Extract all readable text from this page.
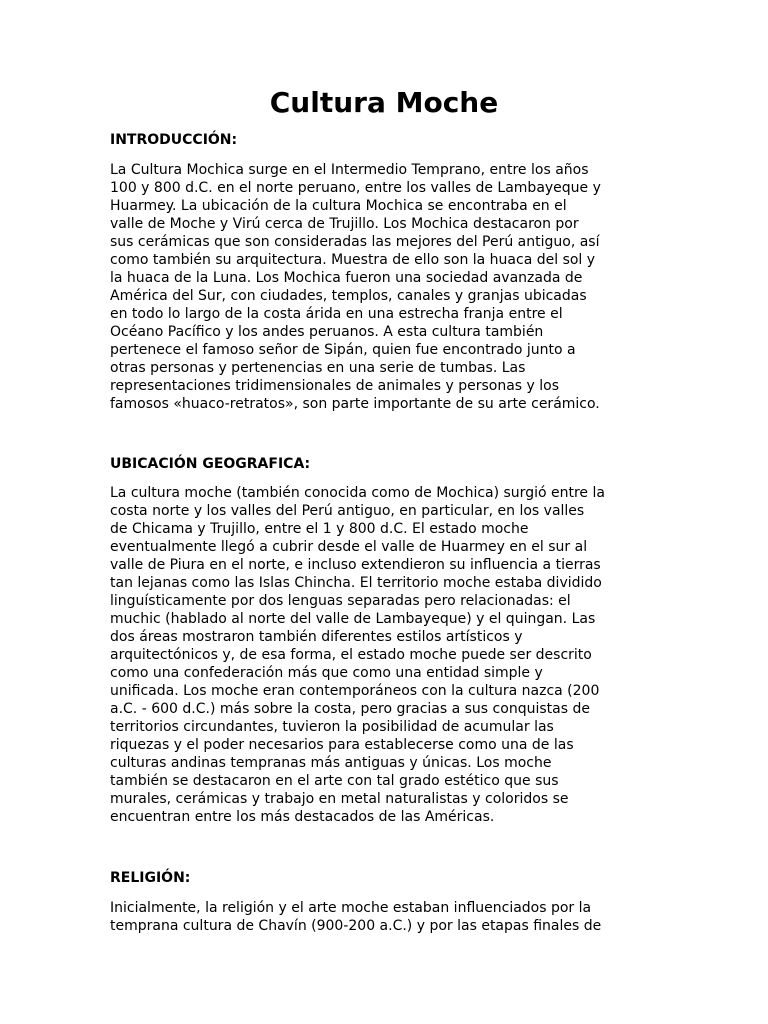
Cultura Moche
INTRODUCCIÓN:
La Cultura Mochica surge en el Intermedio Temprano, entre los años
100 y 800 d.C. en el norte peruano, entre los valles de Lambayeque y
Huarmey. La ubicación de la cultura Mochica se encontraba en el
valle de Moche y Virú cerca de Trujillo. Los Mochica destacaron por
sus cerámicas que son consideradas las mejores del Perú antiguo, así
como también su arquitectura. Muestra de ello son la huaca del sol y
la huaca de la Luna. Los Mochica fueron una sociedad avanzada de
América del Sur, con ciudades, templos, canales y granjas ubicadas
en todo lo largo de la costa árida en una estrecha franja entre el
Océano Pacífico y los andes peruanos. A esta cultura también
pertenece el famoso señor de Sipán, quien fue encontrado junto a
otras personas y pertenencias en una serie de tumbas. Las
representaciones tridimensionales de animales y personas y los
famosos «huaco-retratos», son parte importante de su arte cerámico.
UBICACIÓN GEOGRAFICA:
La cultura moche (también conocida como de Mochica) surgió entre la
costa norte y los valles del Perú antiguo, en particular, en los valles
de Chicama y Trujillo, entre el 1 y 800 d.C. El estado moche
eventualmente llegó a cubrir desde el valle de Huarmey en el sur al
valle de Piura en el norte, e incluso extendieron su influencia a tierras
tan lejanas como las Islas Chincha. El territorio moche estaba dividido
linguísticamente por dos lenguas separadas pero relacionadas: el
muchic (hablado al norte del valle de Lambayeque) y el quingan. Las
dos áreas mostraron también diferentes estilos artísticos y
arquitectónicos y, de esa forma, el estado moche puede ser descrito
como una confederación más que como una entidad simple y
unificada. Los moche eran contemporáneos con la cultura nazca (200
a.C. - 600 d.C.) más sobre la costa, pero gracias a sus conquistas de
territorios circundantes, tuvieron la posibilidad de acumular las
riquezas y el poder necesarios para establecerse como una de las
culturas andinas tempranas más antiguas y únicas. Los moche
también se destacaron en el arte con tal grado estético que sus
murales, cerámicas y trabajo en metal naturalistas y coloridos se
encuentran entre los más destacados de las Américas.
RELIGIÓN:
Inicialmente, la religión y el arte moche estaban influenciados por la
temprana cultura de Chavín (900-200 a.C.) y por las etapas finales de
